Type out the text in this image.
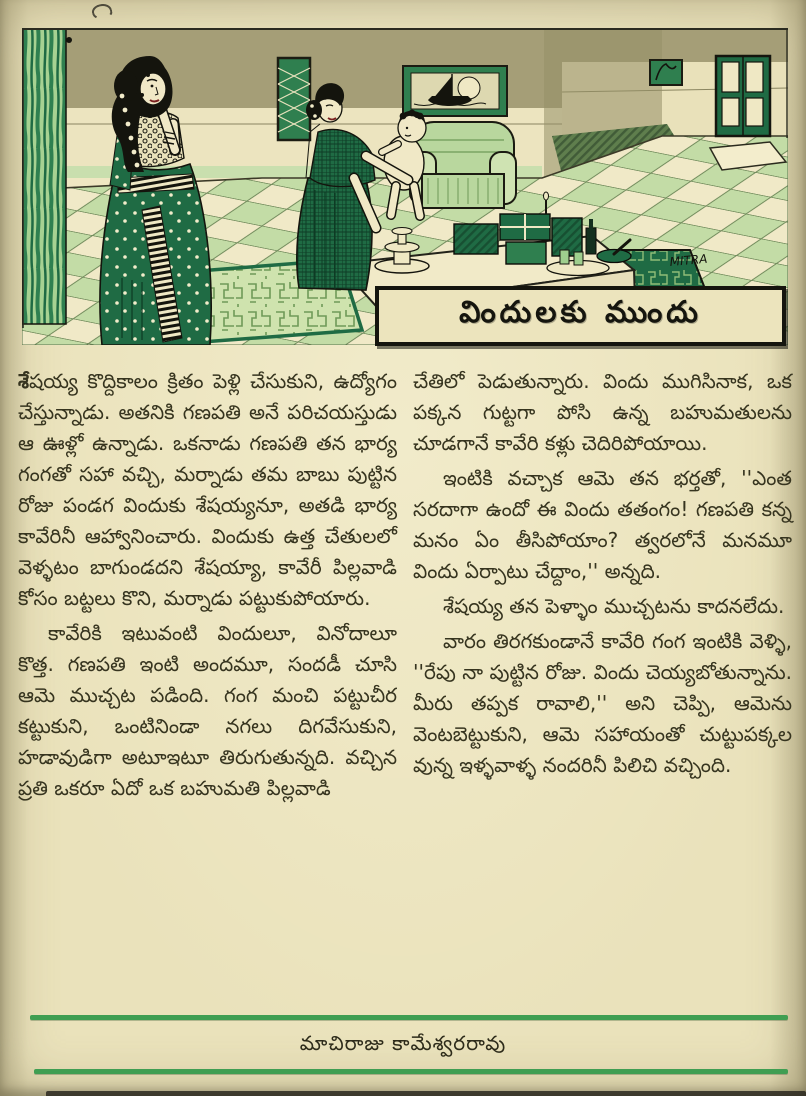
MITRA
విందులకు ముందు

శేషయ్య కొద్దికాలం క్రితం పెళ్లి చేసుకుని, ఉద్యోగం చేస్తున్నాడు. అతనికి గణపతి అనే పరిచయస్తుడు ఆ ఊళ్లో ఉన్నాడు. ఒకనాడు గణపతి తన భార్య గంగతో సహా వచ్చి, మర్నాడు తమ బాబు పుట్టిన రోజు పండగ విందుకు శేషయ్యనూ, అతడి భార్య కావేరినీ ఆహ్వానించారు. విందుకు ఉత్త చేతులలో వెళ్ళటం బాగుండదని శేషయ్యా, కావేరీ పిల్లవాడి కోసం బట్టలు కొని, మర్నాడు పట్టుకుపోయారు.

కావేరికి ఇటువంటి విందులూ, వినోదాలూ కొత్త. గణపతి ఇంటి అందమూ, సందడీ చూసి ఆమె ముచ్చట పడింది. గంగ మంచి పట్టుచీర కట్టుకుని, ఒంటినిండా నగలు దిగవేసుకుని, హడావుడిగా అటూఇటూ తిరుగుతున్నది. వచ్చిన ప్రతి ఒకరూ ఏదో ఒక బహుమతి పిల్లవాడి

చేతిలో పెడుతున్నారు. విందు ముగిసినాక, ఒక పక్కన గుట్టగా పోసి ఉన్న బహుమతులను చూడగానే కావేరి కళ్లు చెదిరిపోయాయి.

ఇంటికి వచ్చాక ఆమె తన భర్తతో, ''ఎంత సరదాగా ఉందో ఈ విందు తతంగం! గణపతి కన్న మనం ఏం తీసిపోయాం? త్వరలోనే మనమూ విందు ఏర్పాటు చేద్దాం,'' అన్నది.

శేషయ్య తన పెళ్ళాం ముచ్చటను కాదనలేదు.

వారం తిరగకుండానే కావేరి గంగ ఇంటికి వెళ్ళి, ''రేపు నా పుట్టిన రోజు. విందు చెయ్యబోతున్నాను. మీరు తప్పక రావాలి,'' అని చెప్పి, ఆమెను వెంటబెట్టుకుని, ఆమె సహాయంతో చుట్టుపక్కల వున్న ఇళ్ళవాళ్ళ నందరినీ పిలిచి వచ్చింది.

మాచిరాజు కామేశ్వరరావు
